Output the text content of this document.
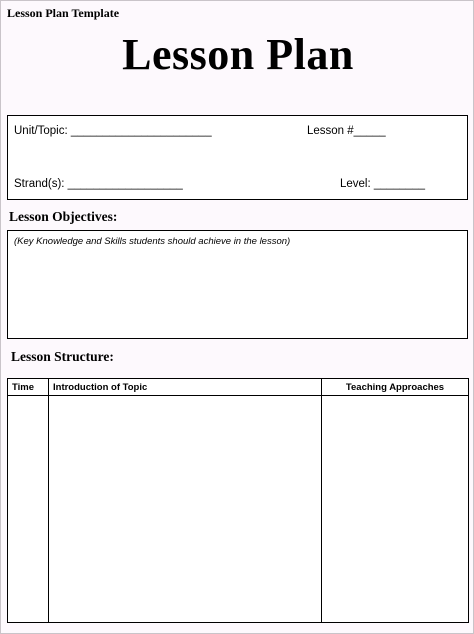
Lesson Plan Template
Lesson Plan
Unit/Topic: ______________________	Lesson #_____
Strand(s): __________________	Level: ________
Lesson Objectives:
(Key Knowledge and Skills students should achieve in the lesson)
Lesson Structure:
Time	Introduction of Topic	Teaching Approaches
